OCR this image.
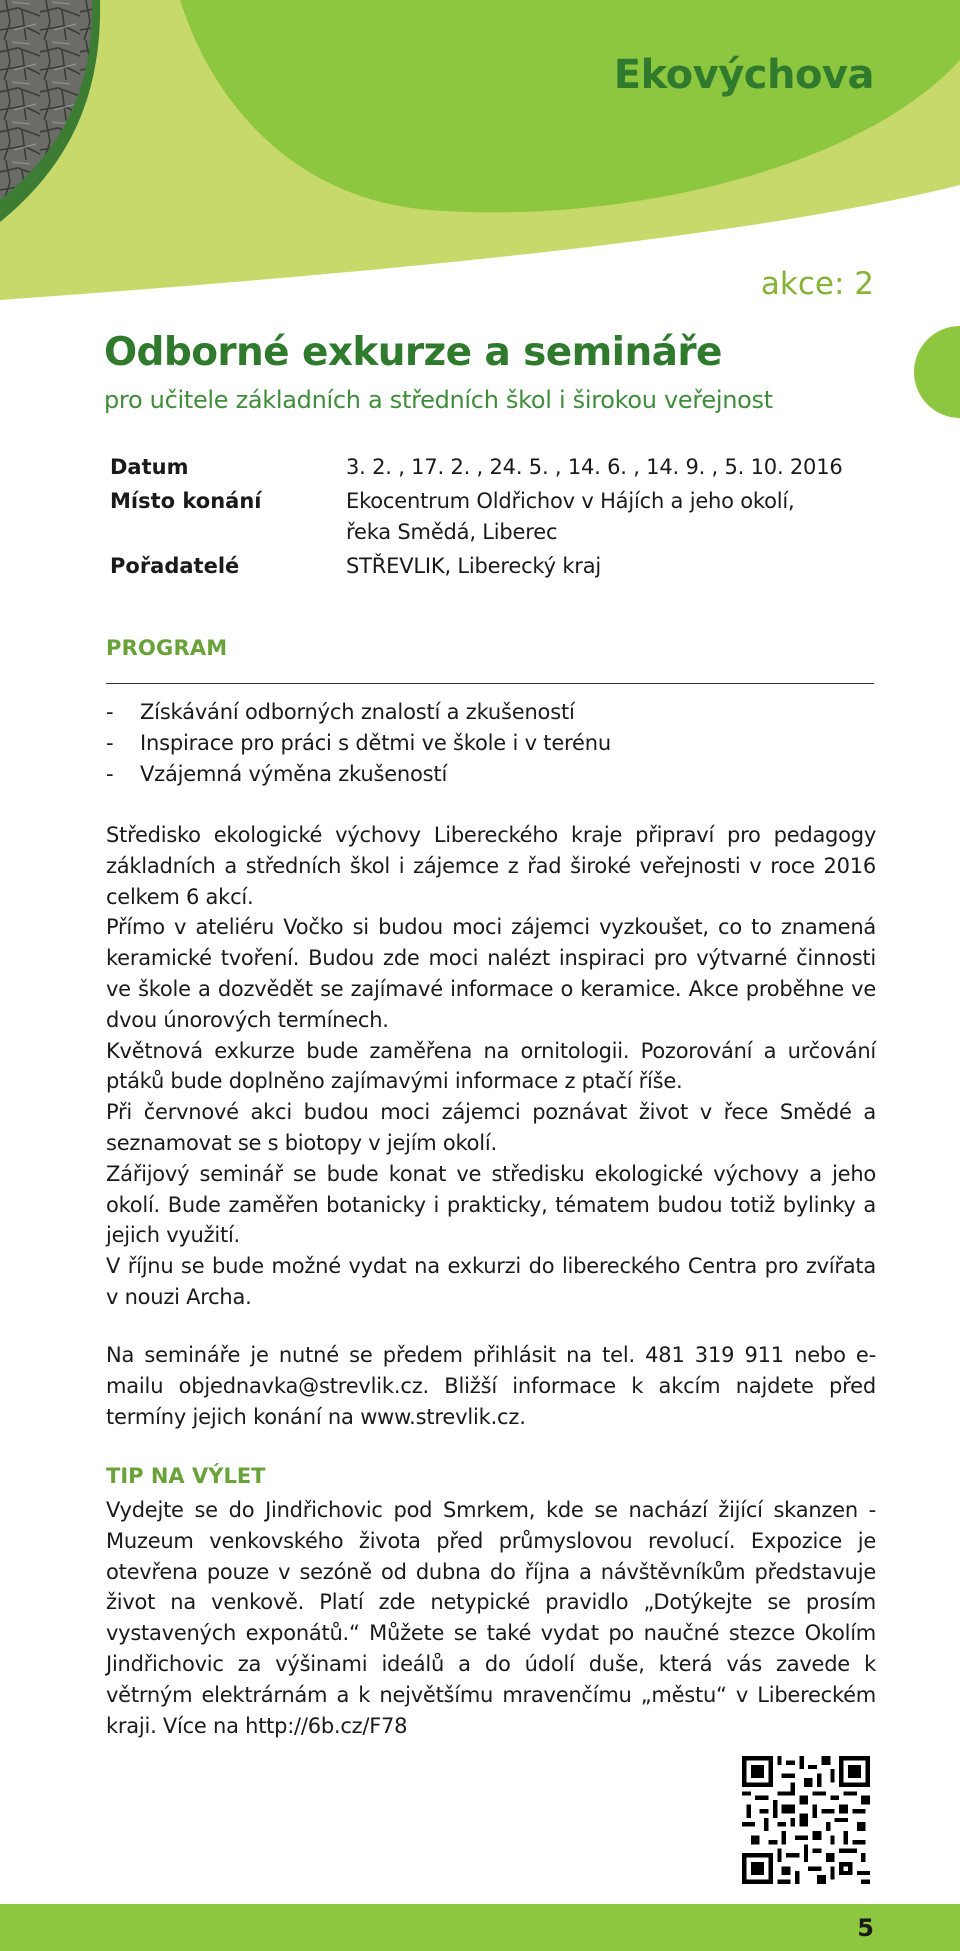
Ekovýchova
akce: 2
Odborné exkurze a semináře

pro učitele základních a středních škol i širokou veřejnost

Datum	3. 2. , 17. 2. , 24. 5. , 14. 6. , 14. 9. , 5. 10. 2016
Místo konání	Ekocentrum Oldřichov v Hájích a jeho okolí,
řeka Smědá, Liberec
Pořadatelé	STŘEVLIK, Liberecký kraj
PROGRAM
- Získávání odborných znalostí a zkušeností
- Inspirace pro práci s dětmi ve škole i v terénu
- Vzájemná výměna zkušeností

Středisko ekologické výchovy Libereckého kraje připraví pro pedagogy základních a středních škol i zájemce z řad široké veřejnosti v roce 2016 celkem 6 akcí.

Přímo v ateliéru Vočko si budou moci zájemci vyzkoušet, co to znamená keramické tvoření. Budou zde moci nalézt inspiraci pro výtvarné činnosti ve škole a dozvědět se zajímavé informace o keramice. Akce proběhne ve dvou únorových termínech.

Květnová exkurze bude zaměřena na ornitologii. Pozorování a určování ptáků bude doplněno zajímavými informace z ptačí říše.

Při červnové akci budou moci zájemci poznávat život v řece Smědé a seznamovat se s biotopy v jejím okolí.

Zářijový seminář se bude konat ve středisku ekologické výchovy a jeho okolí. Bude zaměřen botanicky i prakticky, tématem budou totiž bylinky a jejich využití.

V říjnu se bude možné vydat na exkurzi do libereckého Centra pro zvířata v nouzi Archa.

Na semináře je nutné se předem přihlásit na tel. 481 319 911 nebo e-mailu objednavka@strevlik.cz. Bližší informace k akcím najdete před termíny jejich konání na www.strevlik.cz.

TIP NA VÝLET

Vydejte se do Jindřichovic pod Smrkem, kde se nachází žijící skanzen - Muzeum venkovského života před průmyslovou revolucí. Expozice je otevřena pouze v sezóně od dubna do října a návštěvníkům představuje život na venkově. Platí zde netypické pravidlo „Dotýkejte se prosím vystavených exponátů.“ Můžete se také vydat po naučné stezce Okolím Jindřichovic za výšinami ideálů a do údolí duše, která vás zavede k větrným elektrárnám a k největšímu mravenčímu „městu“ v Libereckém kraji. Více na http://6b.cz/F78

5
